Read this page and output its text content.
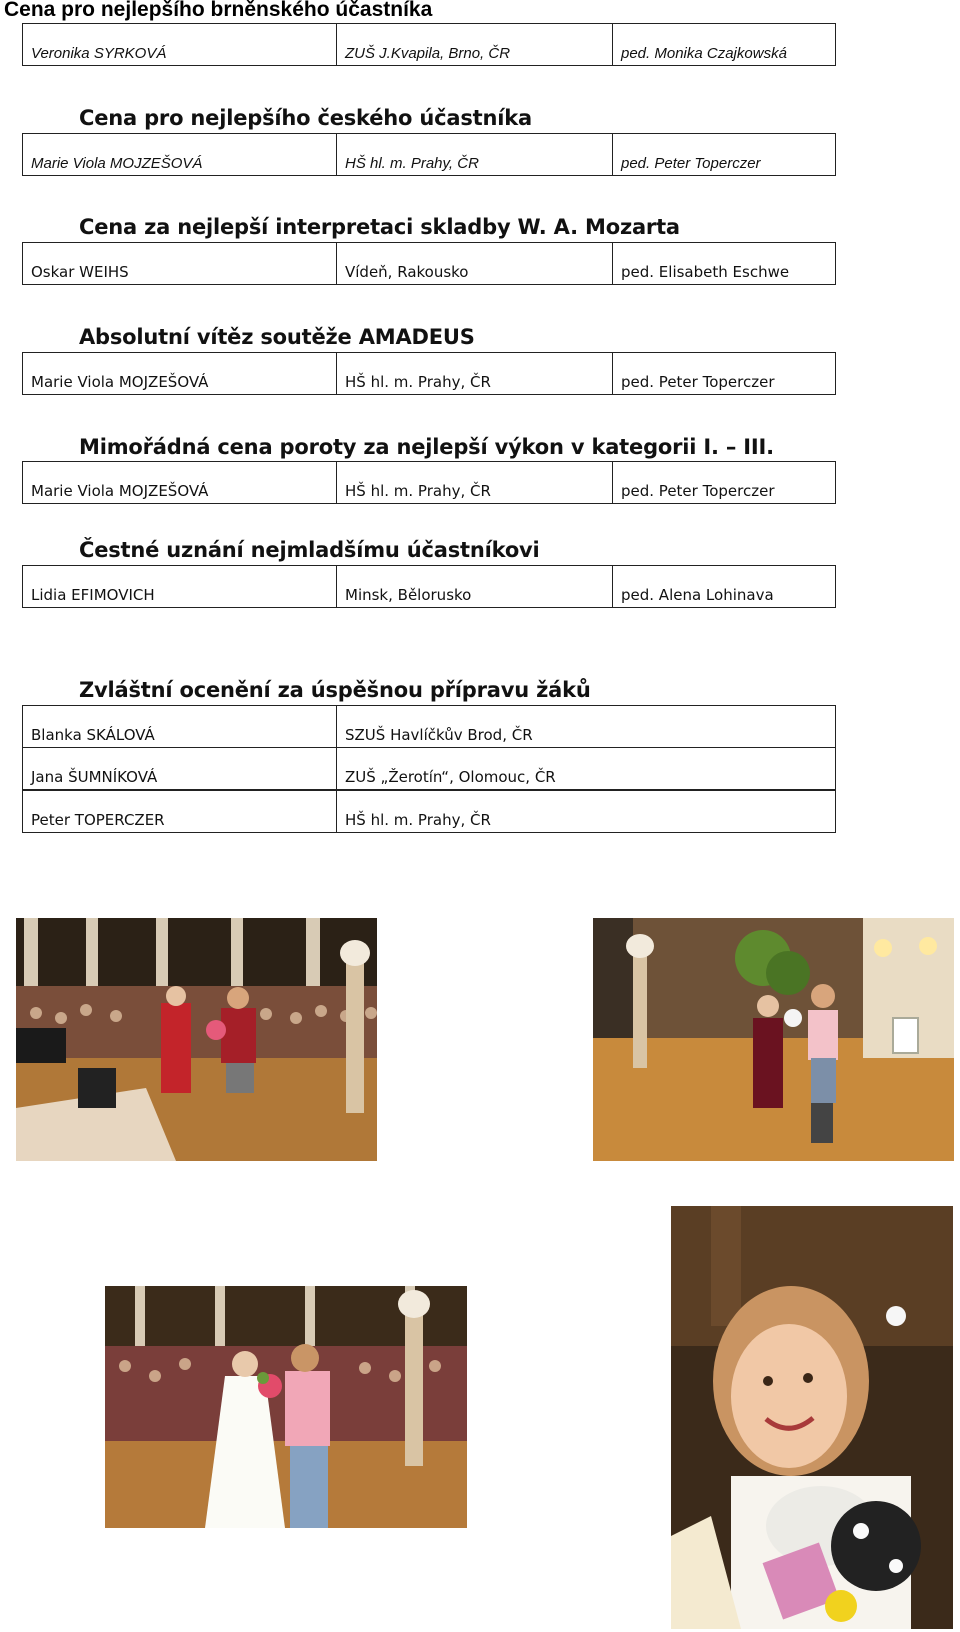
Cena pro nejlepšího brněnského účastníka
Veronika SYRKOVÁ	ZUŠ J.Kvapila, Brno, ČR	ped. Monika Czajkowská
Cena pro nejlepšího českého účastníka
Marie Viola MOJZEŠOVÁ	HŠ hl. m. Prahy, ČR	ped. Peter Toperczer
Cena za nejlepší interpretaci skladby W. A. Mozarta
Oskar WEIHS	Vídeň, Rakousko	ped. Elisabeth Eschwe
Absolutní vítěz soutěže AMADEUS
Marie Viola MOJZEŠOVÁ	HŠ hl. m. Prahy, ČR	ped. Peter Toperczer
Mimořádná cena poroty za nejlepší výkon v kategorii I. – III.
Marie Viola MOJZEŠOVÁ	HŠ hl. m. Prahy, ČR	ped. Peter Toperczer
Čestné uznání nejmladšímu účastníkovi
Lidia EFIMOVICH	Minsk, Bělorusko	ped. Alena Lohinava
Zvláštní ocenění za úspěšnou přípravu žáků
Blanka SKÁLOVÁ	SZUŠ Havlíčkův Brod, ČR
Jana ŠUMNÍKOVÁ	ZUŠ „Žerotín“, Olomouc, ČR
Peter TOPERCZER	HŠ hl. m. Prahy, ČR
